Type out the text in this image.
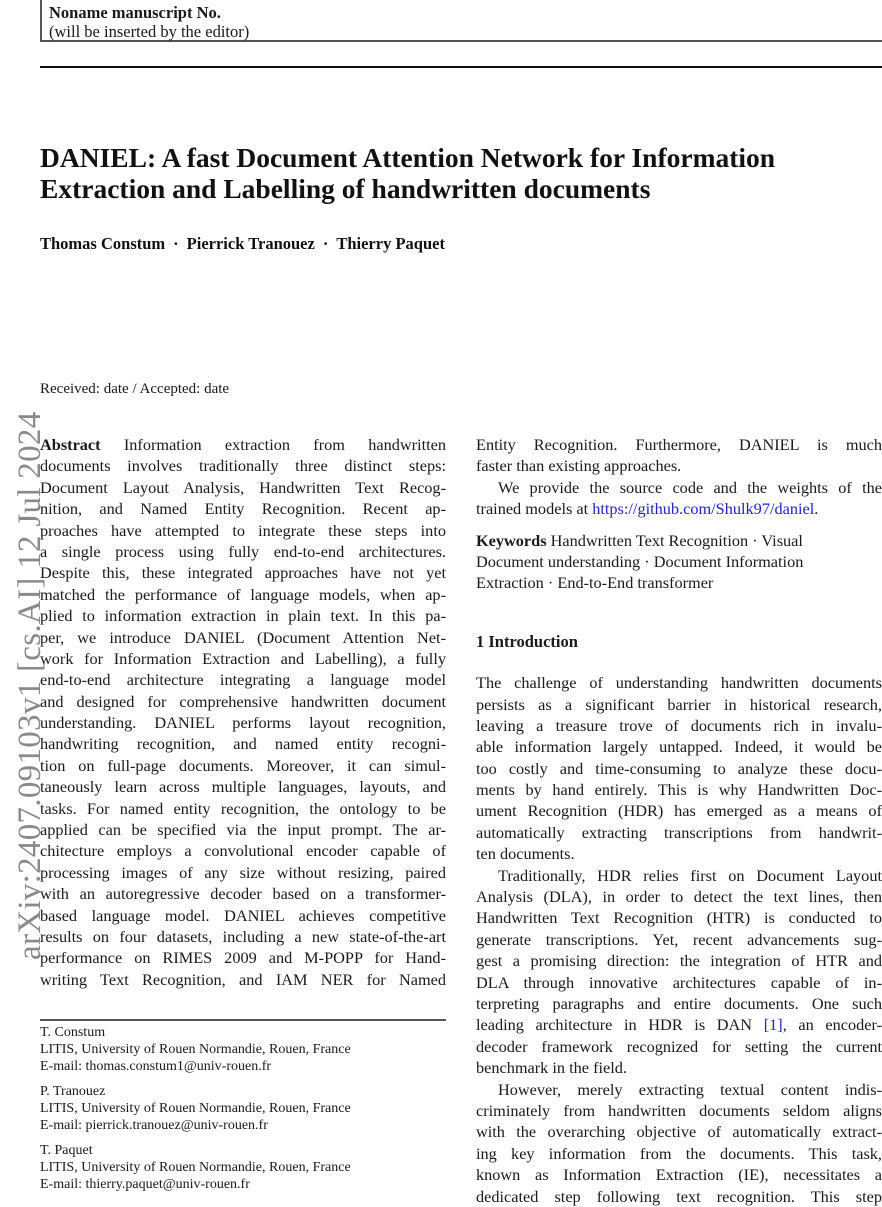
Noname manuscript No.
(will be inserted by the editor)
DANIEL: A fast Document Attention Network for Information
Extraction and Labelling of handwritten documents
Thomas Constum · Pierrick Tranouez · Thierry Paquet
arXiv:2407.09103v1 [cs.AI] 12 Jul 2024
Received: date / Accepted: date
Abstract Information extraction from handwritten
documents involves traditionally three distinct steps:
Document Layout Analysis, Handwritten Text Recog-
nition, and Named Entity Recognition. Recent ap-
proaches have attempted to integrate these steps into
a single process using fully end-to-end architectures.
Despite this, these integrated approaches have not yet
matched the performance of language models, when ap-
plied to information extraction in plain text. In this pa-
per, we introduce DANIEL (Document Attention Net-
work for Information Extraction and Labelling), a fully
end-to-end architecture integrating a language model
and designed for comprehensive handwritten document
understanding. DANIEL performs layout recognition,
handwriting recognition, and named entity recogni-
tion on full-page documents. Moreover, it can simul-
taneously learn across multiple languages, layouts, and
tasks. For named entity recognition, the ontology to be
applied can be specified via the input prompt. The ar-
chitecture employs a convolutional encoder capable of
processing images of any size without resizing, paired
with an autoregressive decoder based on a transformer-
based language model. DANIEL achieves competitive
results on four datasets, including a new state-of-the-art
performance on RIMES 2009 and M-POPP for Hand-
writing Text Recognition, and IAM NER for Named
T. Constum
LITIS, University of Rouen Normandie, Rouen, France
E-mail: thomas.constum1@univ-rouen.fr
P. Tranouez
LITIS, University of Rouen Normandie, Rouen, France
E-mail: pierrick.tranouez@univ-rouen.fr
T. Paquet
LITIS, University of Rouen Normandie, Rouen, France
E-mail: thierry.paquet@univ-rouen.fr
Entity Recognition. Furthermore, DANIEL is much
faster than existing approaches.
We provide the source code and the weights of the
trained models at https://github.com/Shulk97/daniel.
Keywords Handwritten Text Recognition · Visual
Document understanding · Document Information
Extraction · End-to-End transformer
1 Introduction
The challenge of understanding handwritten documents
persists as a significant barrier in historical research,
leaving a treasure trove of documents rich in invalu-
able information largely untapped. Indeed, it would be
too costly and time-consuming to analyze these docu-
ments by hand entirely. This is why Handwritten Doc-
ument Recognition (HDR) has emerged as a means of
automatically extracting transcriptions from handwrit-
ten documents.
Traditionally, HDR relies first on Document Layout
Analysis (DLA), in order to detect the text lines, then
Handwritten Text Recognition (HTR) is conducted to
generate transcriptions. Yet, recent advancements sug-
gest a promising direction: the integration of HTR and
DLA through innovative architectures capable of in-
terpreting paragraphs and entire documents. One such
leading architecture in HDR is DAN [1], an encoder-
decoder framework recognized for setting the current
benchmark in the field.
However, merely extracting textual content indis-
criminately from handwritten documents seldom aligns
with the overarching objective of automatically extract-
ing key information from the documents. This task,
known as Information Extraction (IE), necessitates a
dedicated step following text recognition. This step
